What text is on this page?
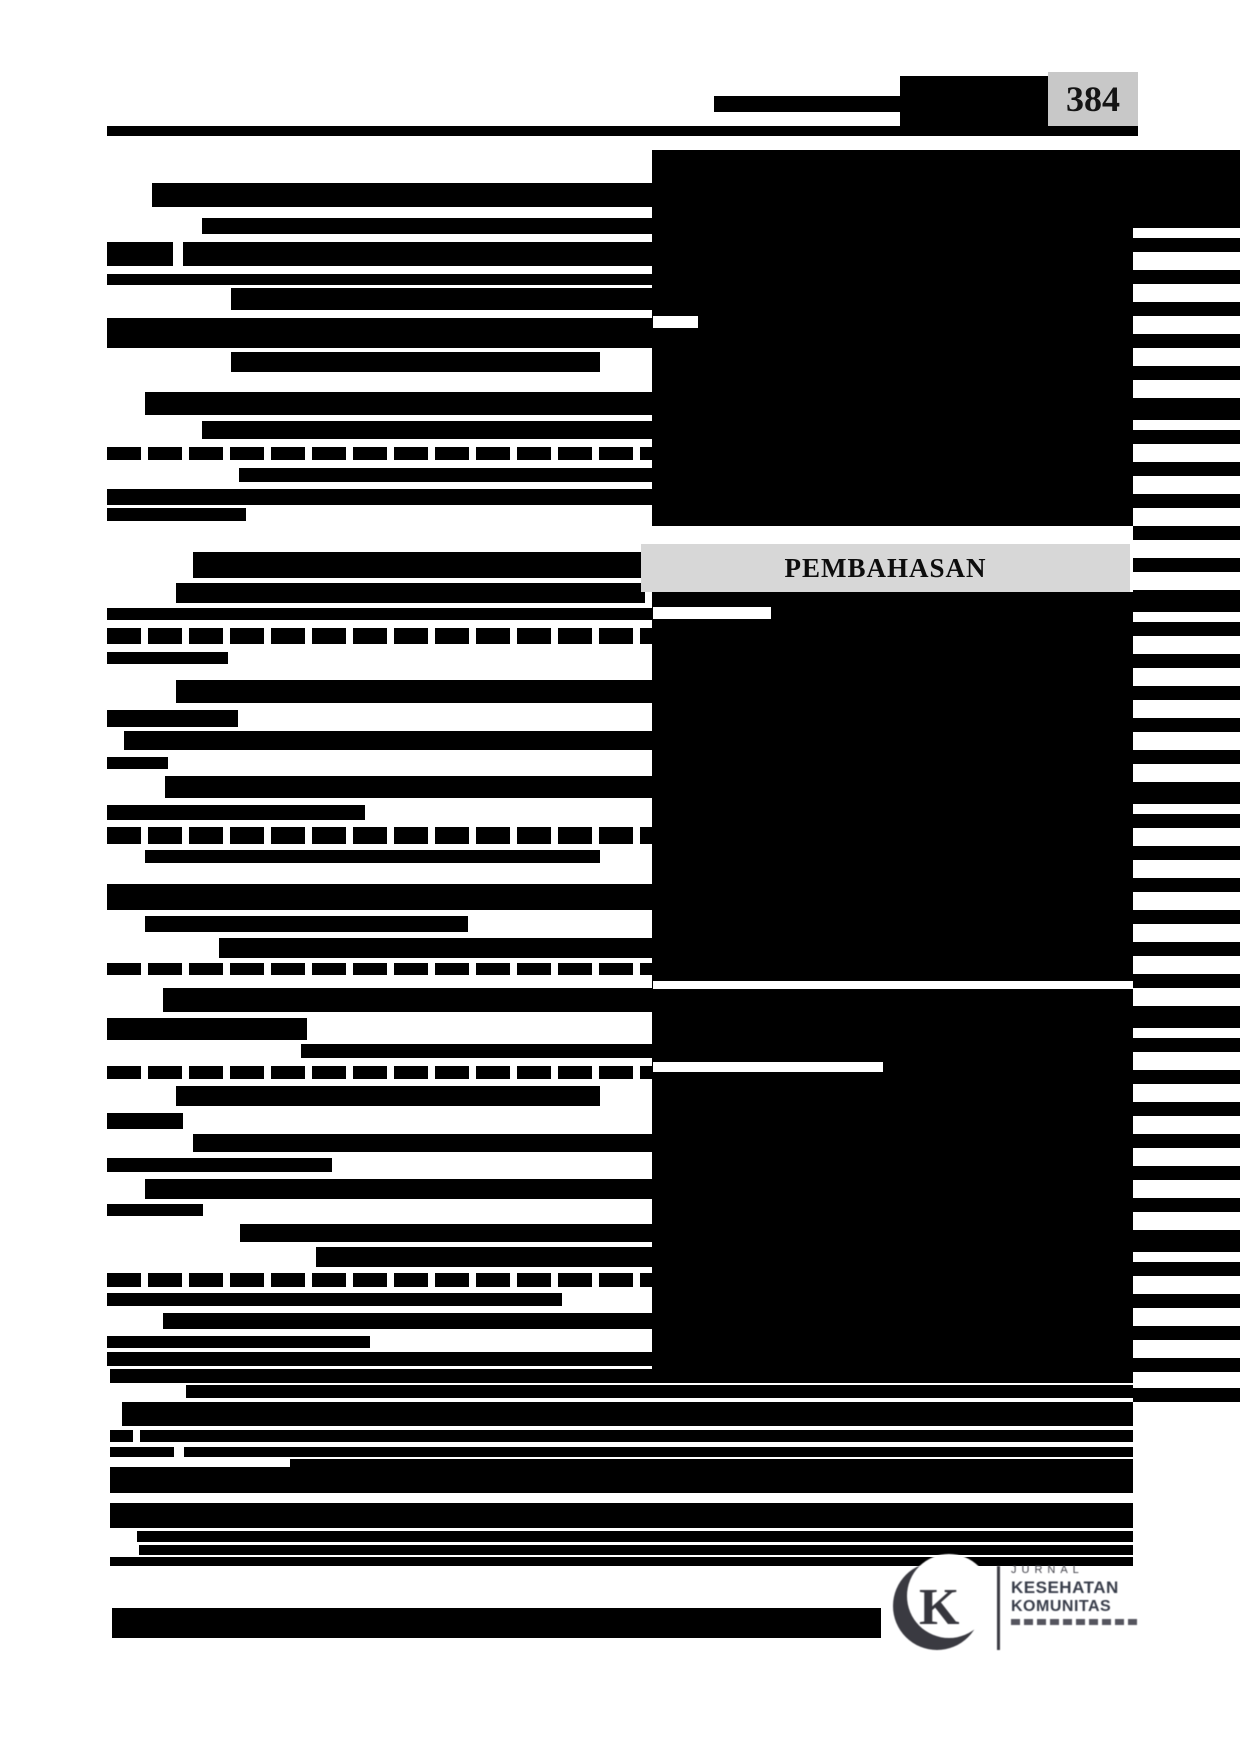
384
PEMBAHASAN
K
JURNAL
KESEHATAN
KOMUNITAS
